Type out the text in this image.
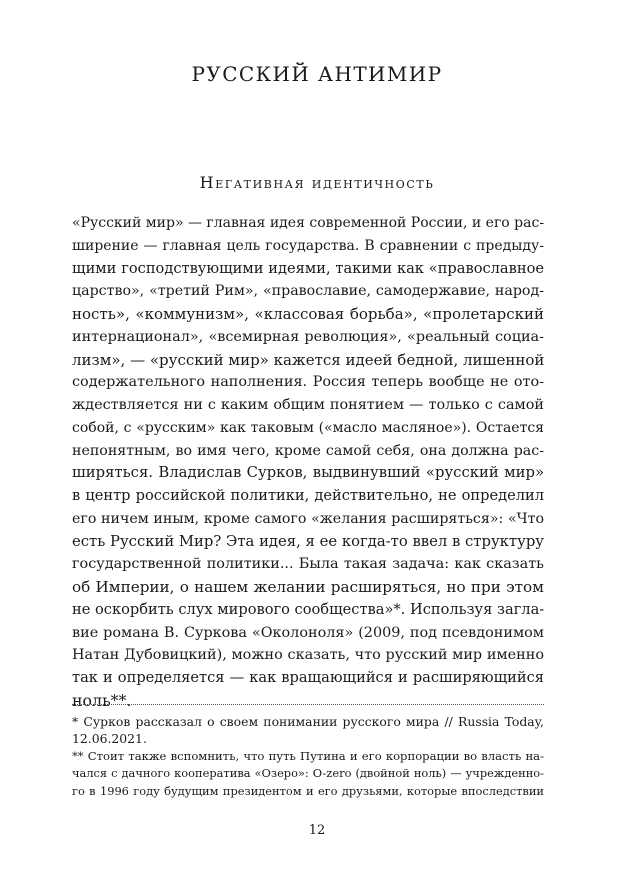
РУССКИЙ АНТИМИР
Негативная идентичность
«Русский мир» — главная идея современной России, и его рас-
ширение — главная цель государства. В сравнении с предыду-
щими господствующими идеями, такими как «православное
царство», «третий Рим», «православие, самодержавие, народ-
ность», «коммунизм», «классовая борьба», «пролетарский
интернационал», «всемирная революция», «реальный социа-
лизм», — «русский мир» кажется идеей бедной, лишенной
содержательного наполнения. Россия теперь вообще не ото-
ждествляется ни с каким общим понятием — только с самой
собой, с «русским» как таковым («масло масляное»). Остается
непонятным, во имя чего, кроме самой себя, она должна рас-
ширяться. Владислав Сурков, выдвинувший «русский мир»
в центр российской политики, действительно, не определил
его ничем иным, кроме самого «желания расширяться»: «Что
есть Русский Мир? Эта идея, я ее когда-то ввел в структуру
государственной политики... Была такая задача: как сказать
об Империи, о нашем желании расширяться, но при этом
не оскорбить слух мирового сообщества»*. Используя загла-
вие романа В. Суркова «Околоноля» (2009, под псевдонимом
Натан Дубовицкий), можно сказать, что русский мир именно
так и определяется — как вращающийся и расширяющийся
ноль**.
* Сурков рассказал о своем понимании русского мира // Russia Today,
12.06.2021.
** Стоит также вспомнить, что путь Путина и его корпорации во власть на-
чался с дачного кооператива «Озеро»: O-zero (двойной ноль) — учрежденно-
го в 1996 году будущим президентом и его друзьями, которые впоследствии
12
